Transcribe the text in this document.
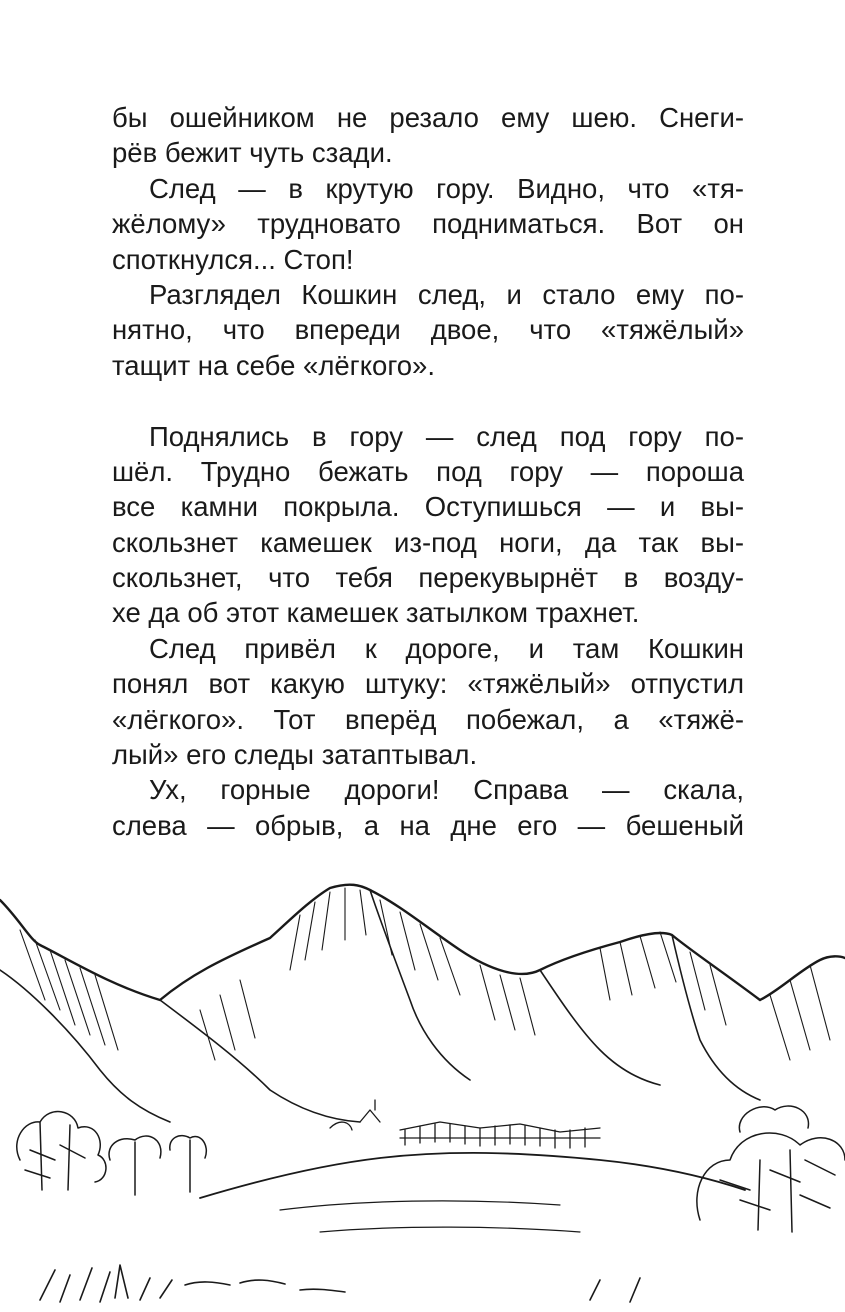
бы ошейником не резало ему шею. Снеги-
рёв бежит чуть сзади.
След — в крутую гору. Видно, что «тя-
жёлому» трудновато подниматься. Вот он
споткнулся... Стоп!
Разглядел Кошкин след, и стало ему по-
нятно, что впереди двое, что «тяжёлый»
тащит на себе «лёгкого».
Поднялись в гору — след под гору по-
шёл. Трудно бежать под гору — пороша
все камни покрыла. Оступишься — и вы-
скользнет камешек из-под ноги, да так вы-
скользнет, что тебя перекувырнёт в возду-
хе да об этот камешек затылком трахнет.
След привёл к дороге, и там Кошкин
понял вот какую штуку: «тяжёлый» отпустил
«лёгкого». Тот вперёд побежал, а «тяжё-
лый» его следы затаптывал.
Ух, горные дороги! Справа — скала,
слева — обрыв, а на дне его — бешеный
